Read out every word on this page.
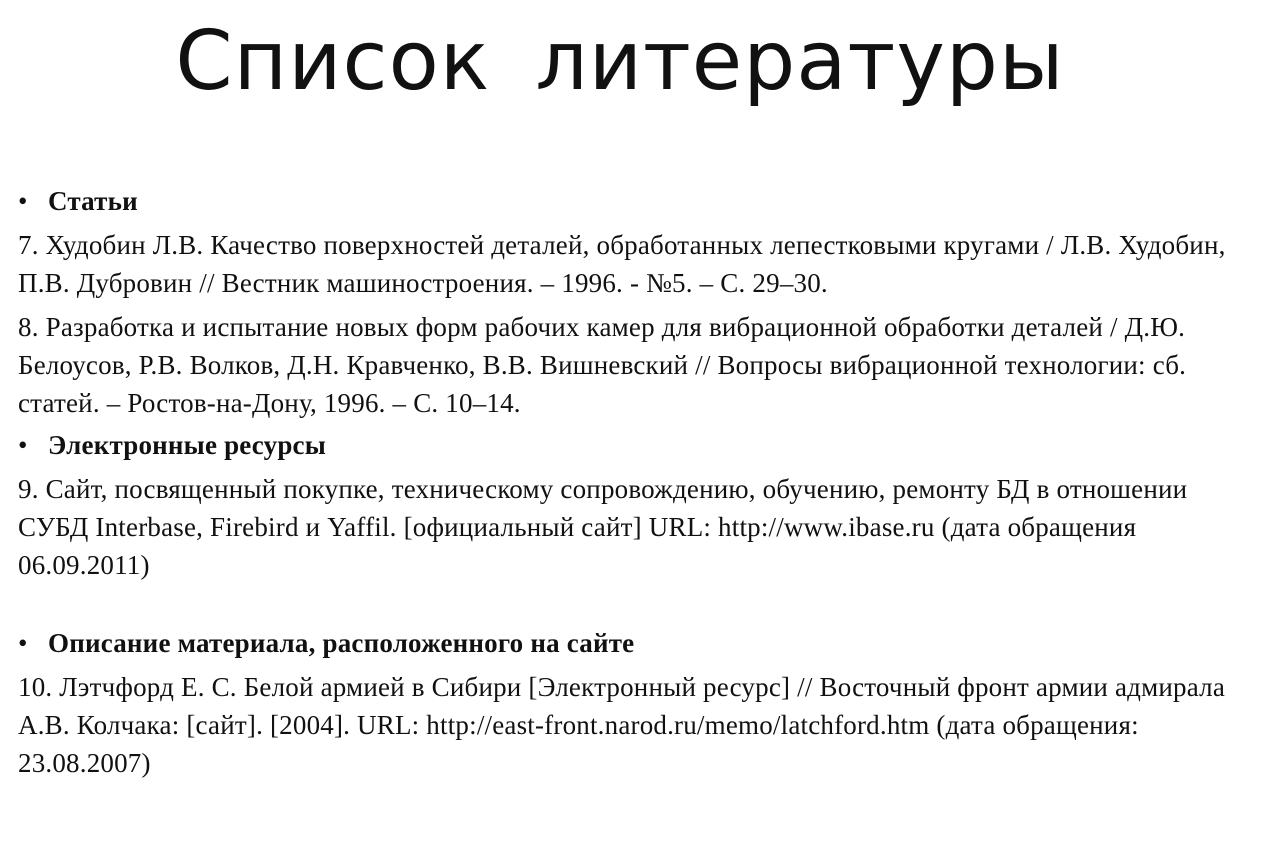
Список литературы

• Статьи

7. Худобин Л.В. Качество поверхностей деталей, обработанных лепестковыми кругами / Л.В. Худобин, П.В. Дубровин // Вестник машиностроения. – 1996. - №5. – С. 29–30.

8. Разработка и испытание новых форм рабочих камер для вибрационной обработки деталей / Д.Ю. Белоусов, Р.В. Волков, Д.Н. Кравченко, В.В. Вишневский // Вопросы вибрационной технологии: сб. статей. – Ростов-на-Дону, 1996. – С. 10–14.

• Электронные ресурсы

9. Сайт, посвященный покупке, техническому сопровождению, обучению, ремонту БД в отношении СУБД Interbase, Firebird и Yaffil. [официальный сайт] URL: http://www.ibase.ru (дата обращения 06.09.2011)

• Описание материала, расположенного на сайте

10. Лэтчфорд Е. С. Белой армией в Сибири [Электронный ресурс] // Восточный фронт армии адмирала А.В. Колчака: [сайт]. [2004]. URL: http://east-front.narod.ru/memo/latchford.htm (дата обращения: 23.08.2007)
